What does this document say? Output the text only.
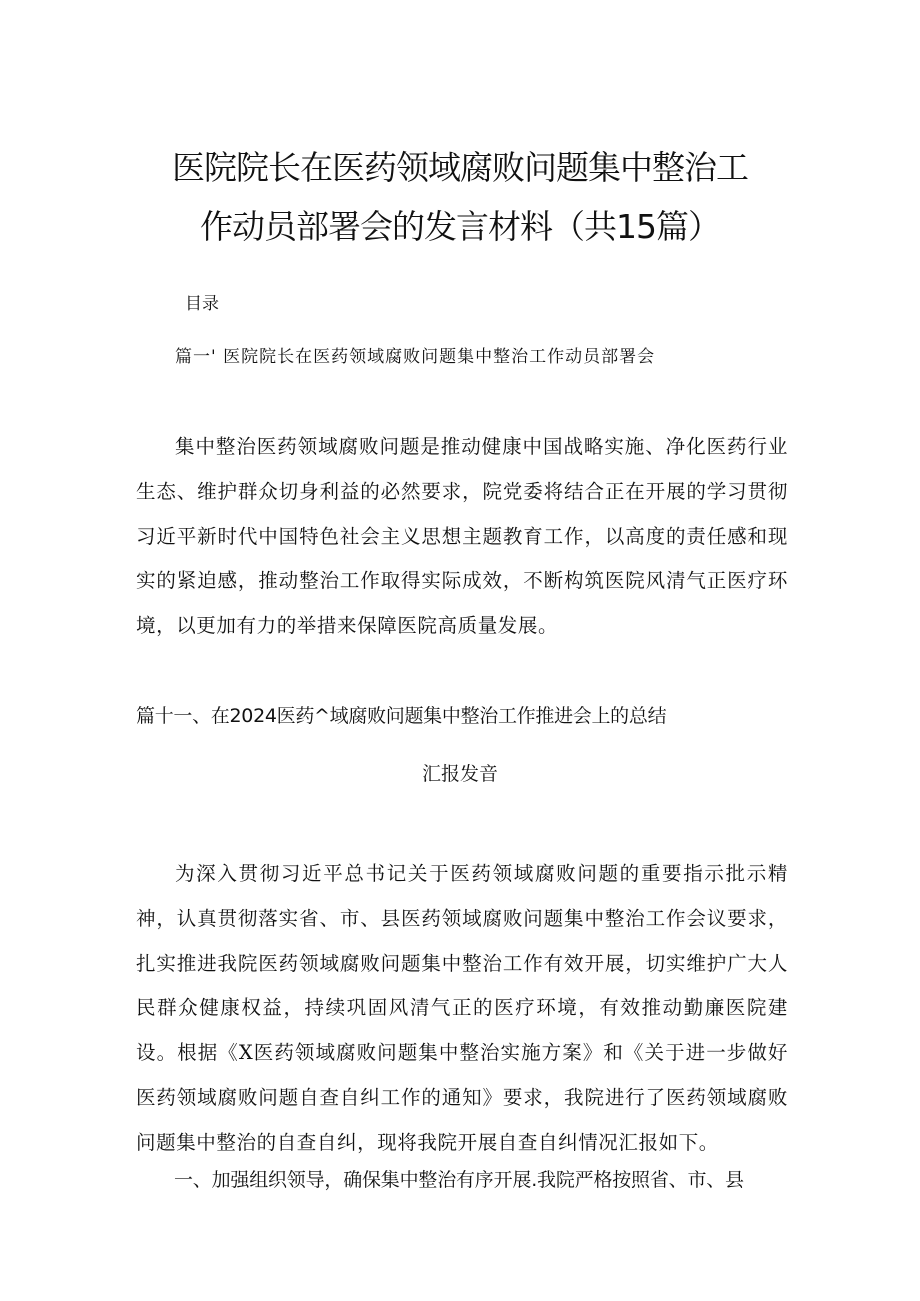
医院院长在医药领域腐败问题集中整治工
作动员部署会的发言材料（共15篇）
目录
篇一' 医院院长在医药领域腐败问题集中整治工作动员部署会
集中整治医药领域腐败问题是推动健康中国战略实施、净化医药行业生态、维护群众切身利益的必然要求，院党委将结合正在开展的学习贯彻习近平新时代中国特色社会主义思想主题教育工作，以高度的责任感和现实的紧迫感，推动整治工作取得实际成效，不断构筑医院风清气正医疗环境，以更加有力的举措来保障医院高质量发展。
篇十一、在2024医药^域腐败问题集中整治工作推进会上的总结
汇报发音
为深入贯彻习近平总书记关于医药领域腐败问题的重要指示批示精神，认真贯彻落实省、市、县医药领域腐败问题集中整治工作会议要求，扎实推进我院医药领域腐败问题集中整治工作有效开展，切实维护广大人民群众健康权益，持续巩固风清气正的医疗环境，有效推动勤廉医院建设。根据《X医药领域腐败问题集中整治实施方案》和《关于进一步做好医药领域腐败问题自查自纠工作的通知》要求，我院进行了医药领域腐败问题集中整治的自查自纠，现将我院开展自查自纠情况汇报如下。
一、加强组织领导，确保集中整治有序开展.我院严格按照省、市、县
